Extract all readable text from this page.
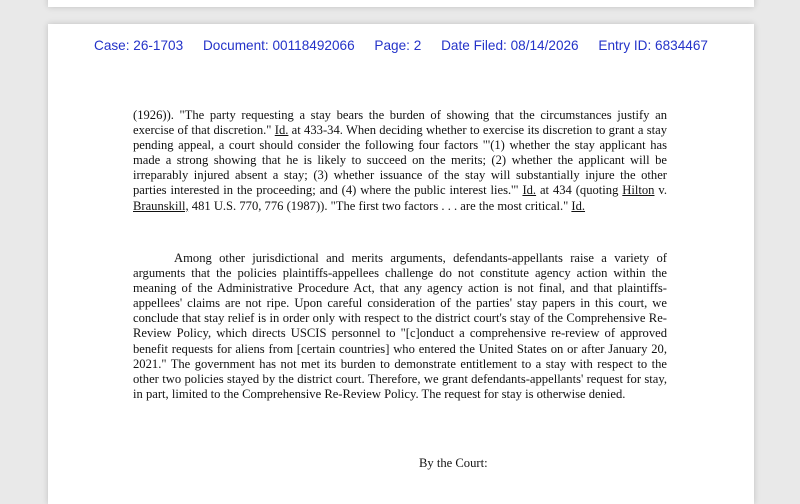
Case: 26-1703 Document: 00118492066 Page: 2 Date Filed: 08/14/2026 Entry ID: 6834467
(1926)). "The party requesting a stay bears the burden of showing that the circumstances justify an exercise of that discretion." Id. at 433-34. When deciding whether to exercise its discretion to grant a stay pending appeal, a court should consider the following four factors "'(1) whether the stay applicant has made a strong showing that he is likely to succeed on the merits; (2) whether the applicant will be irreparably injured absent a stay; (3) whether issuance of the stay will substantially injure the other parties interested in the proceeding; and (4) where the public interest lies.'" Id. at 434 (quoting Hilton v. Braunskill, 481 U.S. 770, 776 (1987)). "The first two factors . . . are the most critical." Id.
Among other jurisdictional and merits arguments, defendants-appellants raise a variety of arguments that the policies plaintiffs-appellees challenge do not constitute agency action within the meaning of the Administrative Procedure Act, that any agency action is not final, and that plaintiffs-appellees' claims are not ripe. Upon careful consideration of the parties' stay papers in this court, we conclude that stay relief is in order only with respect to the district court's stay of the Comprehensive Re-Review Policy, which directs USCIS personnel to "[c]onduct a comprehensive re-review of approved benefit requests for aliens from [certain countries] who entered the United States on or after January 20, 2021." The government has not met its burden to demonstrate entitlement to a stay with respect to the other two policies stayed by the district court. Therefore, we grant defendants-appellants' request for stay, in part, limited to the Comprehensive Re-Review Policy. The request for stay is otherwise denied.
By the Court:
